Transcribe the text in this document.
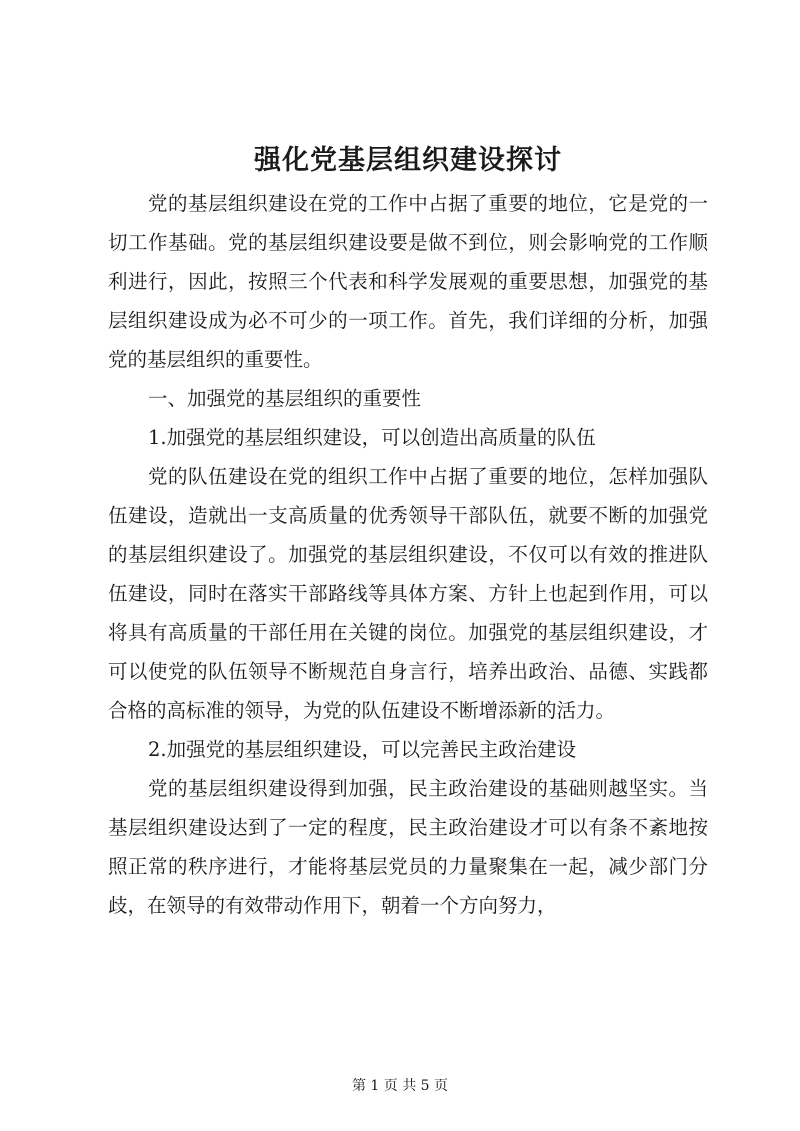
强化党基层组织建设探讨

党的基层组织建设在党的工作中占据了重要的地位，它是党的一切工作基础。党的基层组织建设要是做不到位，则会影响党的工作顺利进行，因此，按照三个代表和科学发展观的重要思想，加强党的基层组织建设成为必不可少的一项工作。首先，我们详细的分析，加强党的基层组织的重要性。

一、加强党的基层组织的重要性

1.加强党的基层组织建设，可以创造出高质量的队伍

党的队伍建设在党的组织工作中占据了重要的地位，怎样加强队伍建设，造就出一支高质量的优秀领导干部队伍，就要不断的加强党的基层组织建设了。加强党的基层组织建设，不仅可以有效的推进队伍建设，同时在落实干部路线等具体方案、方针上也起到作用，可以将具有高质量的干部任用在关键的岗位。加强党的基层组织建设，才可以使党的队伍领导不断规范自身言行，培养出政治、品德、实践都合格的高标准的领导，为党的队伍建设不断增添新的活力。

2.加强党的基层组织建设，可以完善民主政治建设

党的基层组织建设得到加强，民主政治建设的基础则越坚实。当基层组织建设达到了一定的程度，民主政治建设才可以有条不紊地按照正常的秩序进行，才能将基层党员的力量聚集在一起，减少部门分歧，在领导的有效带动作用下，朝着一个方向努力，

第 1 页 共 5 页
